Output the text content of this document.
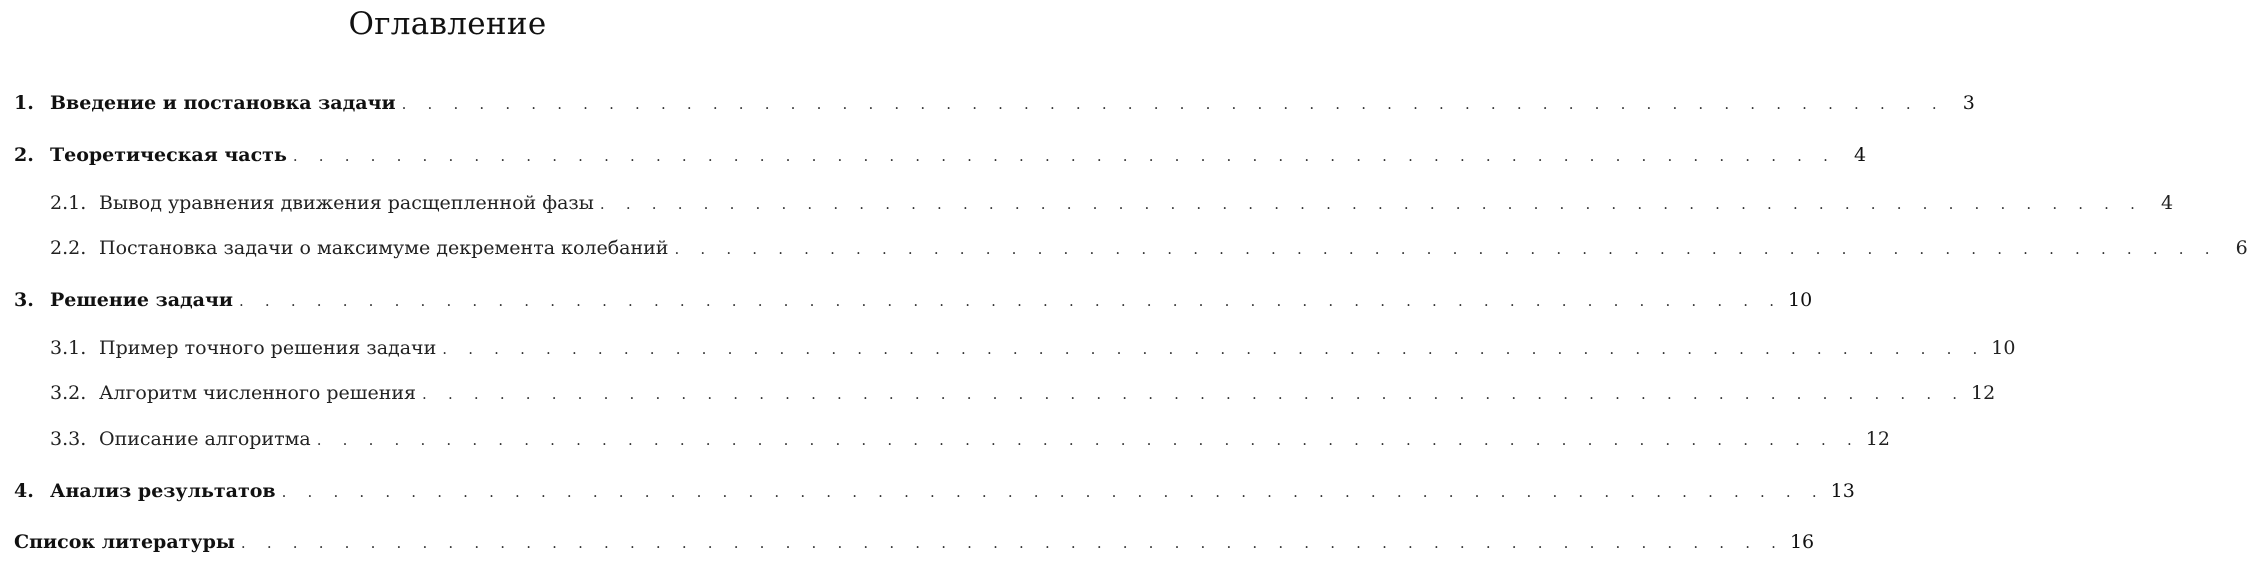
Оглавление
1. Введение и постановка задачи . . . . . . . . . . . . . . . . . . . . . . . . . . . . . . . . . . . . . . . . . . . . . . . . . . . . . . . . . . . . 3
2. Теоретическая часть . . . . . . . . . . . . . . . . . . . . . . . . . . . . . . . . . . . . . . . . . . . . . . . . . . . . . . . . . . . . 4
2.1. Вывод уравнения движения расщепленной фазы . . . . . . . . . . . . . . . . . . . . . . . . . . . . . . . . . . . . . . . . . . . . . . . . . . . . . . . . . . . . 4
2.2. Постановка задачи о максимуме декремента колебаний . . . . . . . . . . . . . . . . . . . . . . . . . . . . . . . . . . . . . . . . . . . . . . . . . . . . . . . . . . . . 6
3. Решение задачи . . . . . . . . . . . . . . . . . . . . . . . . . . . . . . . . . . . . . . . . . . . . . . . . . . . . . . . . . . . . 10
3.1. Пример точного решения задачи . . . . . . . . . . . . . . . . . . . . . . . . . . . . . . . . . . . . . . . . . . . . . . . . . . . . . . . . . . . . 10
3.2. Алгоритм численного решения . . . . . . . . . . . . . . . . . . . . . . . . . . . . . . . . . . . . . . . . . . . . . . . . . . . . . . . . . . . . 12
3.3. Описание алгоритма . . . . . . . . . . . . . . . . . . . . . . . . . . . . . . . . . . . . . . . . . . . . . . . . . . . . . . . . . . . . 12
4. Анализ результатов . . . . . . . . . . . . . . . . . . . . . . . . . . . . . . . . . . . . . . . . . . . . . . . . . . . . . . . . . . . . 13
Список литературы . . . . . . . . . . . . . . . . . . . . . . . . . . . . . . . . . . . . . . . . . . . . . . . . . . . . . . . . . . . . 16
